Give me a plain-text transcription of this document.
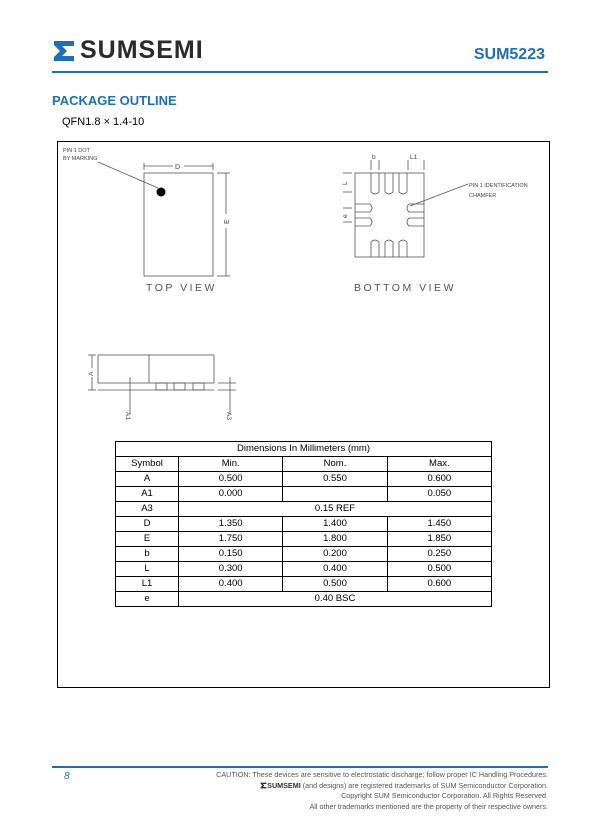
SUMSEMI	SUM5223
PACKAGE OUTLINE
QFN1.8 × 1.4-10
PIN 1 DOT
BY MARKING
D
E
TOP VIEW
b	L1
L
e
PIN 1 IDENTIFICATION
CHAMFER
BOTTOM VIEW
A
A1	A3
Dimensions In Millimeters (mm)			
Symbol	Min.	Nom.	Max.
A	0.500	0.550	0.600
A1	0.000		0.050
A3	0.15 REF		
D	1.350	1.400	1.450
E	1.750	1.800	1.850
b	0.150	0.200	0.250
L	0.300	0.400	0.500
L1	0.400	0.500	0.600
e	0.40 BSC		
8	CAUTION: These devices are sensitive to electrostatic discharge; follow proper IC Handling Procedures.
SUMSEMI (and designs) are registered trademarks of SUM Semiconductor Corporation.
Copyright SUM Semiconductor Corporation. All Rights Reserved.
All other trademarks mentioned are the property of their respective owners.
